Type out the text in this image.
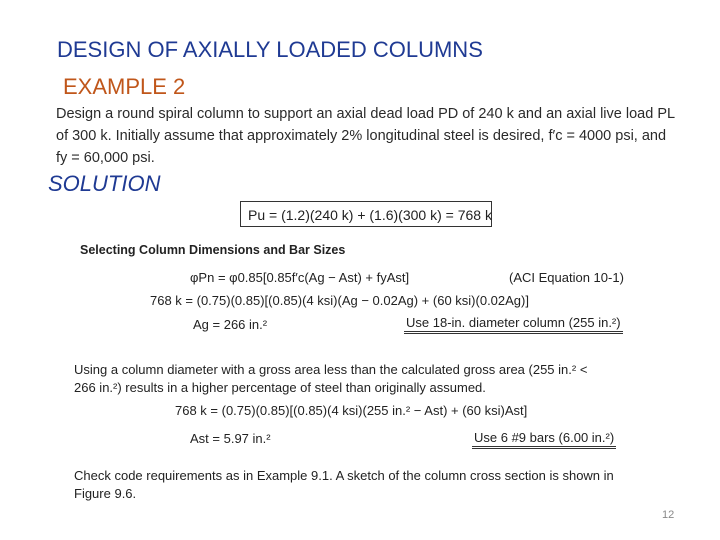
DESIGN OF AXIALLY LOADED COLUMNS
EXAMPLE 2
Design a round spiral column to support an axial dead load PD of 240 k and an axial live load PL
of 300 k. Initially assume that approximately 2% longitudinal steel is desired, f′c = 4000 psi, and
fy = 60,000 psi.
SOLUTION
Pu = (1.2)(240 k) + (1.6)(300 k) = 768 k
Selecting Column Dimensions and Bar Sizes
φPn = φ0.85[0.85f′c(Ag − Ast) + fyAst]	(ACI Equation 10-1)
768 k = (0.75)(0.85)[(0.85)(4 ksi)(Ag − 0.02Ag) + (60 ksi)(0.02Ag)]
Ag = 266 in.²	Use 18-in. diameter column (255 in.²)
Using a column diameter with a gross area less than the calculated gross area (255 in.² <
266 in.²) results in a higher percentage of steel than originally assumed.
768 k = (0.75)(0.85)[(0.85)(4 ksi)(255 in.² − Ast) + (60 ksi)Ast]
Ast = 5.97 in.²	Use 6 #9 bars (6.00 in.²)
Check code requirements as in Example 9.1. A sketch of the column cross section is shown in
Figure 9.6.
12
